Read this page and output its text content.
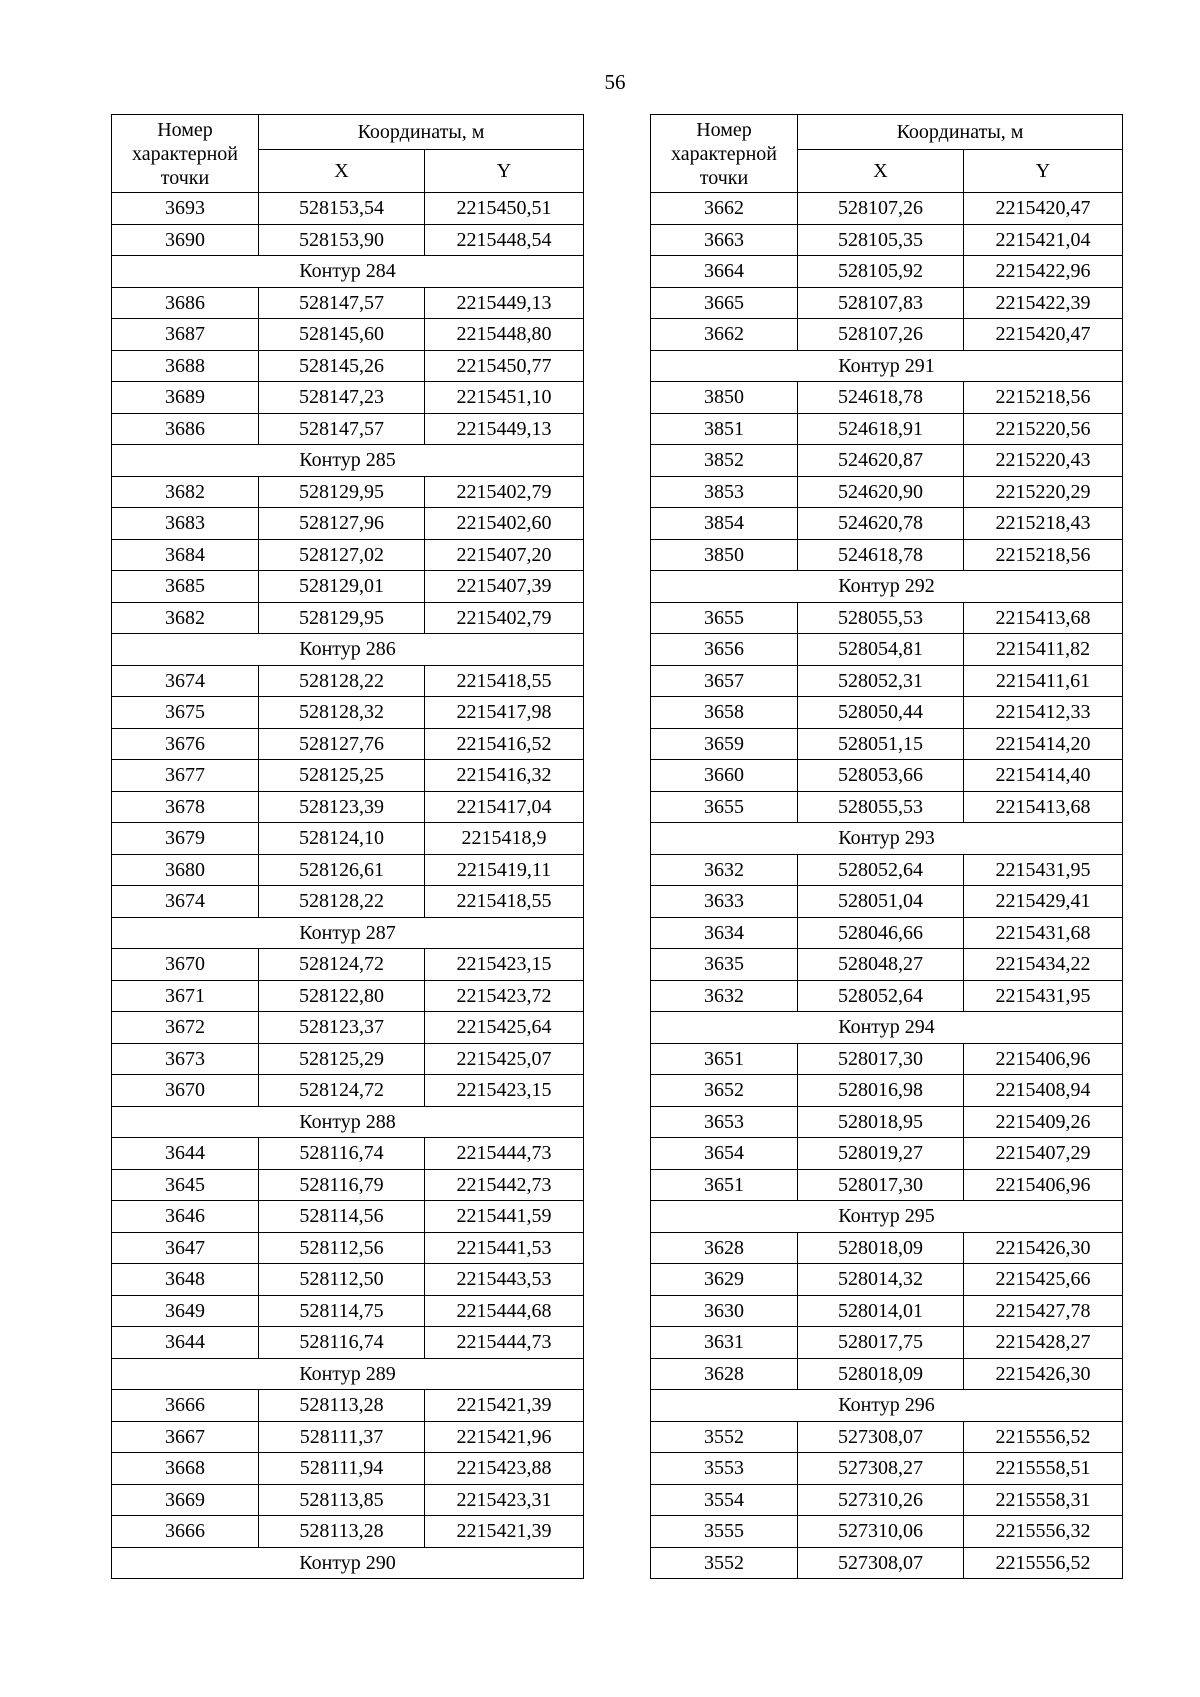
56
Номер характерной точки	Координаты, м	
	X	Y
3693	528153,54	2215450,51
3690	528153,90	2215448,54
Контур 284		
3686	528147,57	2215449,13
3687	528145,60	2215448,80
3688	528145,26	2215450,77
3689	528147,23	2215451,10
3686	528147,57	2215449,13
Контур 285		
3682	528129,95	2215402,79
3683	528127,96	2215402,60
3684	528127,02	2215407,20
3685	528129,01	2215407,39
3682	528129,95	2215402,79
Контур 286		
3674	528128,22	2215418,55
3675	528128,32	2215417,98
3676	528127,76	2215416,52
3677	528125,25	2215416,32
3678	528123,39	2215417,04
3679	528124,10	2215418,9
3680	528126,61	2215419,11
3674	528128,22	2215418,55
Контур 287		
3670	528124,72	2215423,15
3671	528122,80	2215423,72
3672	528123,37	2215425,64
3673	528125,29	2215425,07
3670	528124,72	2215423,15
Контур 288		
3644	528116,74	2215444,73
3645	528116,79	2215442,73
3646	528114,56	2215441,59
3647	528112,56	2215441,53
3648	528112,50	2215443,53
3649	528114,75	2215444,68
3644	528116,74	2215444,73
Контур 289		
3666	528113,28	2215421,39
3667	528111,37	2215421,96
3668	528111,94	2215423,88
3669	528113,85	2215423,31
3666	528113,28	2215421,39
Контур 290		
Номер характерной точки	Координаты, м	
	X	Y
3662	528107,26	2215420,47
3663	528105,35	2215421,04
3664	528105,92	2215422,96
3665	528107,83	2215422,39
3662	528107,26	2215420,47
Контур 291		
3850	524618,78	2215218,56
3851	524618,91	2215220,56
3852	524620,87	2215220,43
3853	524620,90	2215220,29
3854	524620,78	2215218,43
3850	524618,78	2215218,56
Контур 292		
3655	528055,53	2215413,68
3656	528054,81	2215411,82
3657	528052,31	2215411,61
3658	528050,44	2215412,33
3659	528051,15	2215414,20
3660	528053,66	2215414,40
3655	528055,53	2215413,68
Контур 293		
3632	528052,64	2215431,95
3633	528051,04	2215429,41
3634	528046,66	2215431,68
3635	528048,27	2215434,22
3632	528052,64	2215431,95
Контур 294		
3651	528017,30	2215406,96
3652	528016,98	2215408,94
3653	528018,95	2215409,26
3654	528019,27	2215407,29
3651	528017,30	2215406,96
Контур 295		
3628	528018,09	2215426,30
3629	528014,32	2215425,66
3630	528014,01	2215427,78
3631	528017,75	2215428,27
3628	528018,09	2215426,30
Контур 296		
3552	527308,07	2215556,52
3553	527308,27	2215558,51
3554	527310,26	2215558,31
3555	527310,06	2215556,32
3552	527308,07	2215556,52
